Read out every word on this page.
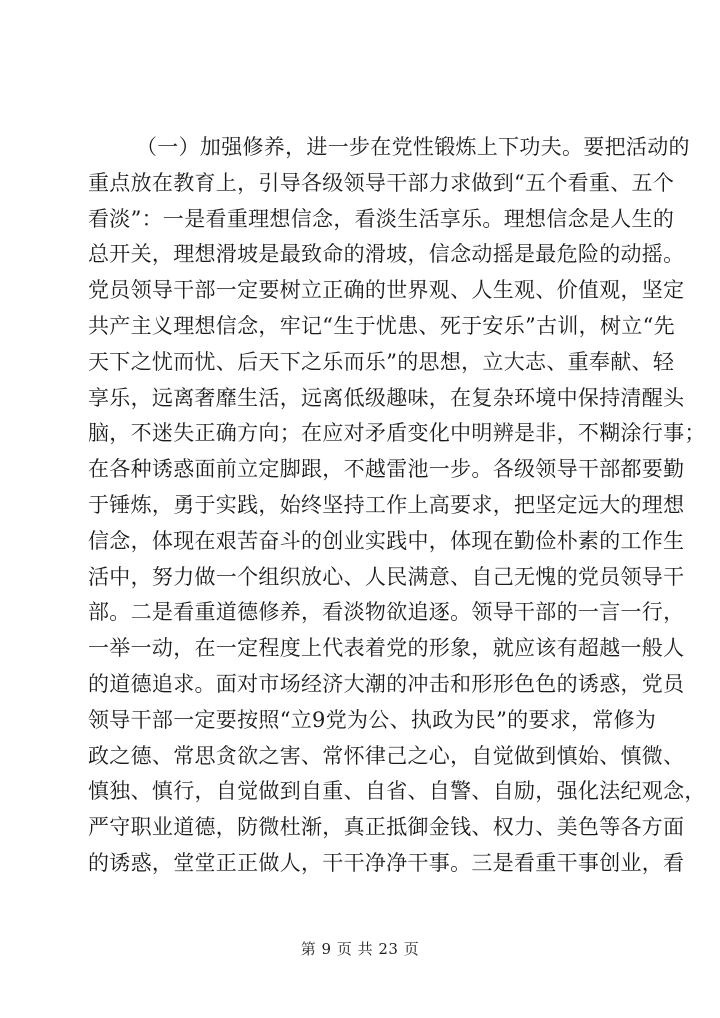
（一）加强修养，进一步在党性锻炼上下功夫。要把活动的
重点放在教育上，引导各级领导干部力求做到“五个看重、五个
看淡”：一是看重理想信念，看淡生活享乐。理想信念是人生的
总开关，理想滑坡是最致命的滑坡，信念动摇是最危险的动摇。
党员领导干部一定要树立正确的世界观、人生观、价值观，坚定
共产主义理想信念，牢记“生于忧患、死于安乐”古训，树立“先
天下之忧而忧、后天下之乐而乐”的思想，立大志、重奉献、轻
享乐，远离奢靡生活，远离低级趣味，在复杂环境中保持清醒头
脑，不迷失正确方向；在应对矛盾变化中明辨是非，不糊涂行事；
在各种诱惑面前立定脚跟，不越雷池一步。各级领导干部都要勤
于锤炼，勇于实践，始终坚持工作上高要求，把坚定远大的理想
信念，体现在艰苦奋斗的创业实践中，体现在勤俭朴素的工作生
活中，努力做一个组织放心、人民满意、自己无愧的党员领导干
部。二是看重道德修养，看淡物欲追逐。领导干部的一言一行，
一举一动，在一定程度上代表着党的形象，就应该有超越一般人
的道德追求。面对市场经济大潮的冲击和形形色色的诱惑，党员
领导干部一定要按照“立9党为公、执政为民”的要求，常修为
政之德、常思贪欲之害、常怀律己之心，自觉做到慎始、慎微、
慎独、慎行，自觉做到自重、自省、自警、自励，强化法纪观念，
严守职业道德，防微杜渐，真正抵御金钱、权力、美色等各方面
的诱惑，堂堂正正做人，干干净净干事。三是看重干事创业，看
第 9 页 共 23 页
